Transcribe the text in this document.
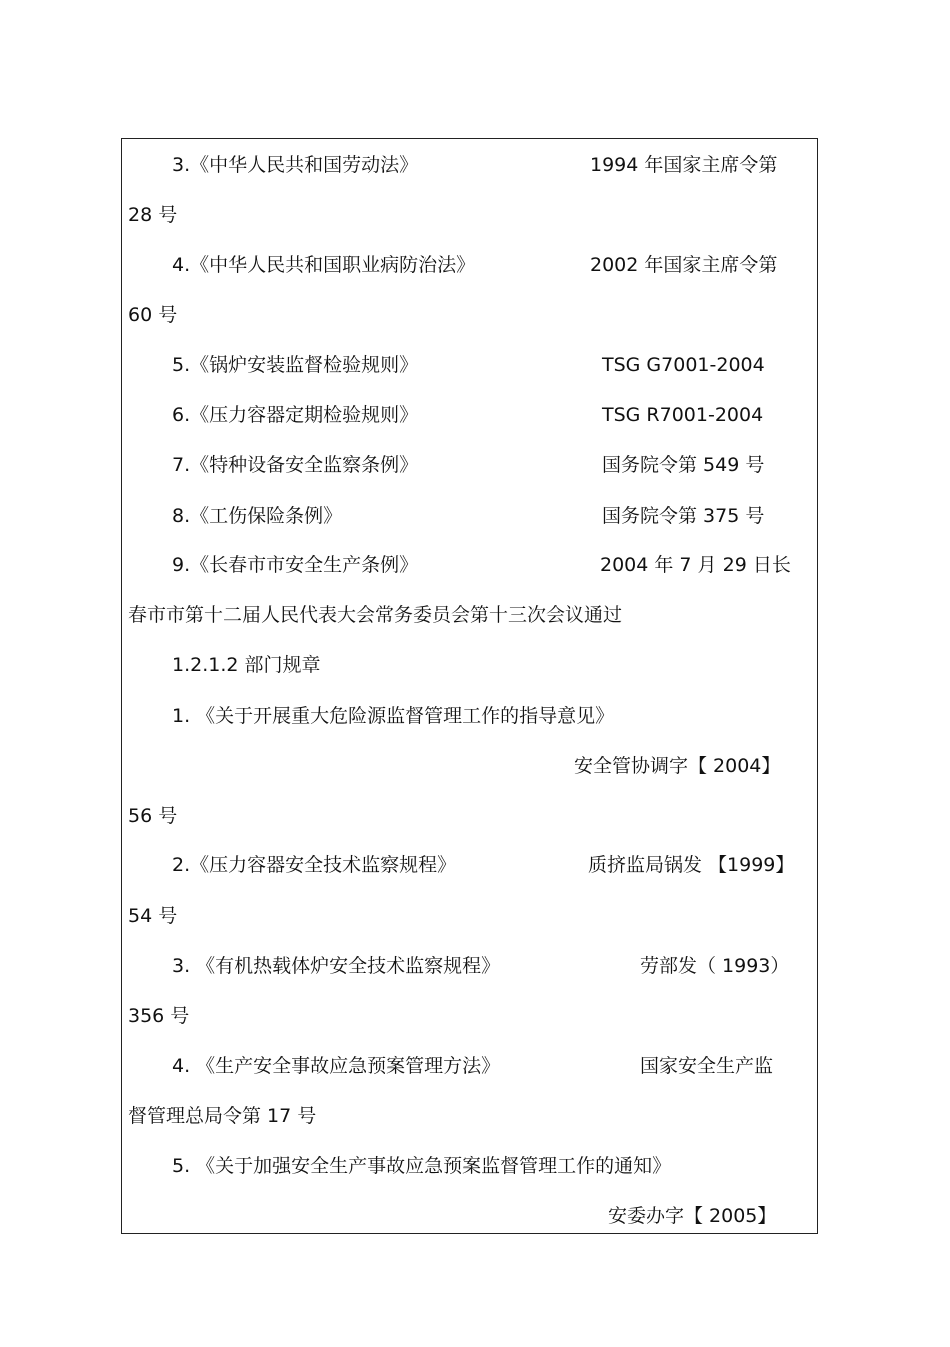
3.《中华人民共和国劳动法》	1994 年国家主席令第
28 号
4.《中华人民共和国职业病防治法》	2002 年国家主席令第
60 号
5.《锅炉安装监督检验规则》	TSG G7001-2004
6.《压力容器定期检验规则》	TSG R7001-2004
7.《特种设备安全监察条例》	国务院令第 549 号
8.《工伤保险条例》	国务院令第 375 号
9.《长春市市安全生产条例》	2004 年 7 月 29 日长
春市市第十二届人民代表大会常务委员会第十三次会议通过
1.2.1.2 部门规章
1. 《关于开展重大危险源监督管理工作的指导意见》
安全管协调字【 2004】
56 号
2.《压力容器安全技术监察规程》	质挤监局锅发 【1999】
54 号
3. 《有机热载体炉安全技术监察规程》	劳部发（ 1993）
356 号
4. 《生产安全事故应急预案管理方法》	国家安全生产监
督管理总局令第 17 号
5. 《关于加强安全生产事故应急预案监督管理工作的通知》
安委办字【 2005】
